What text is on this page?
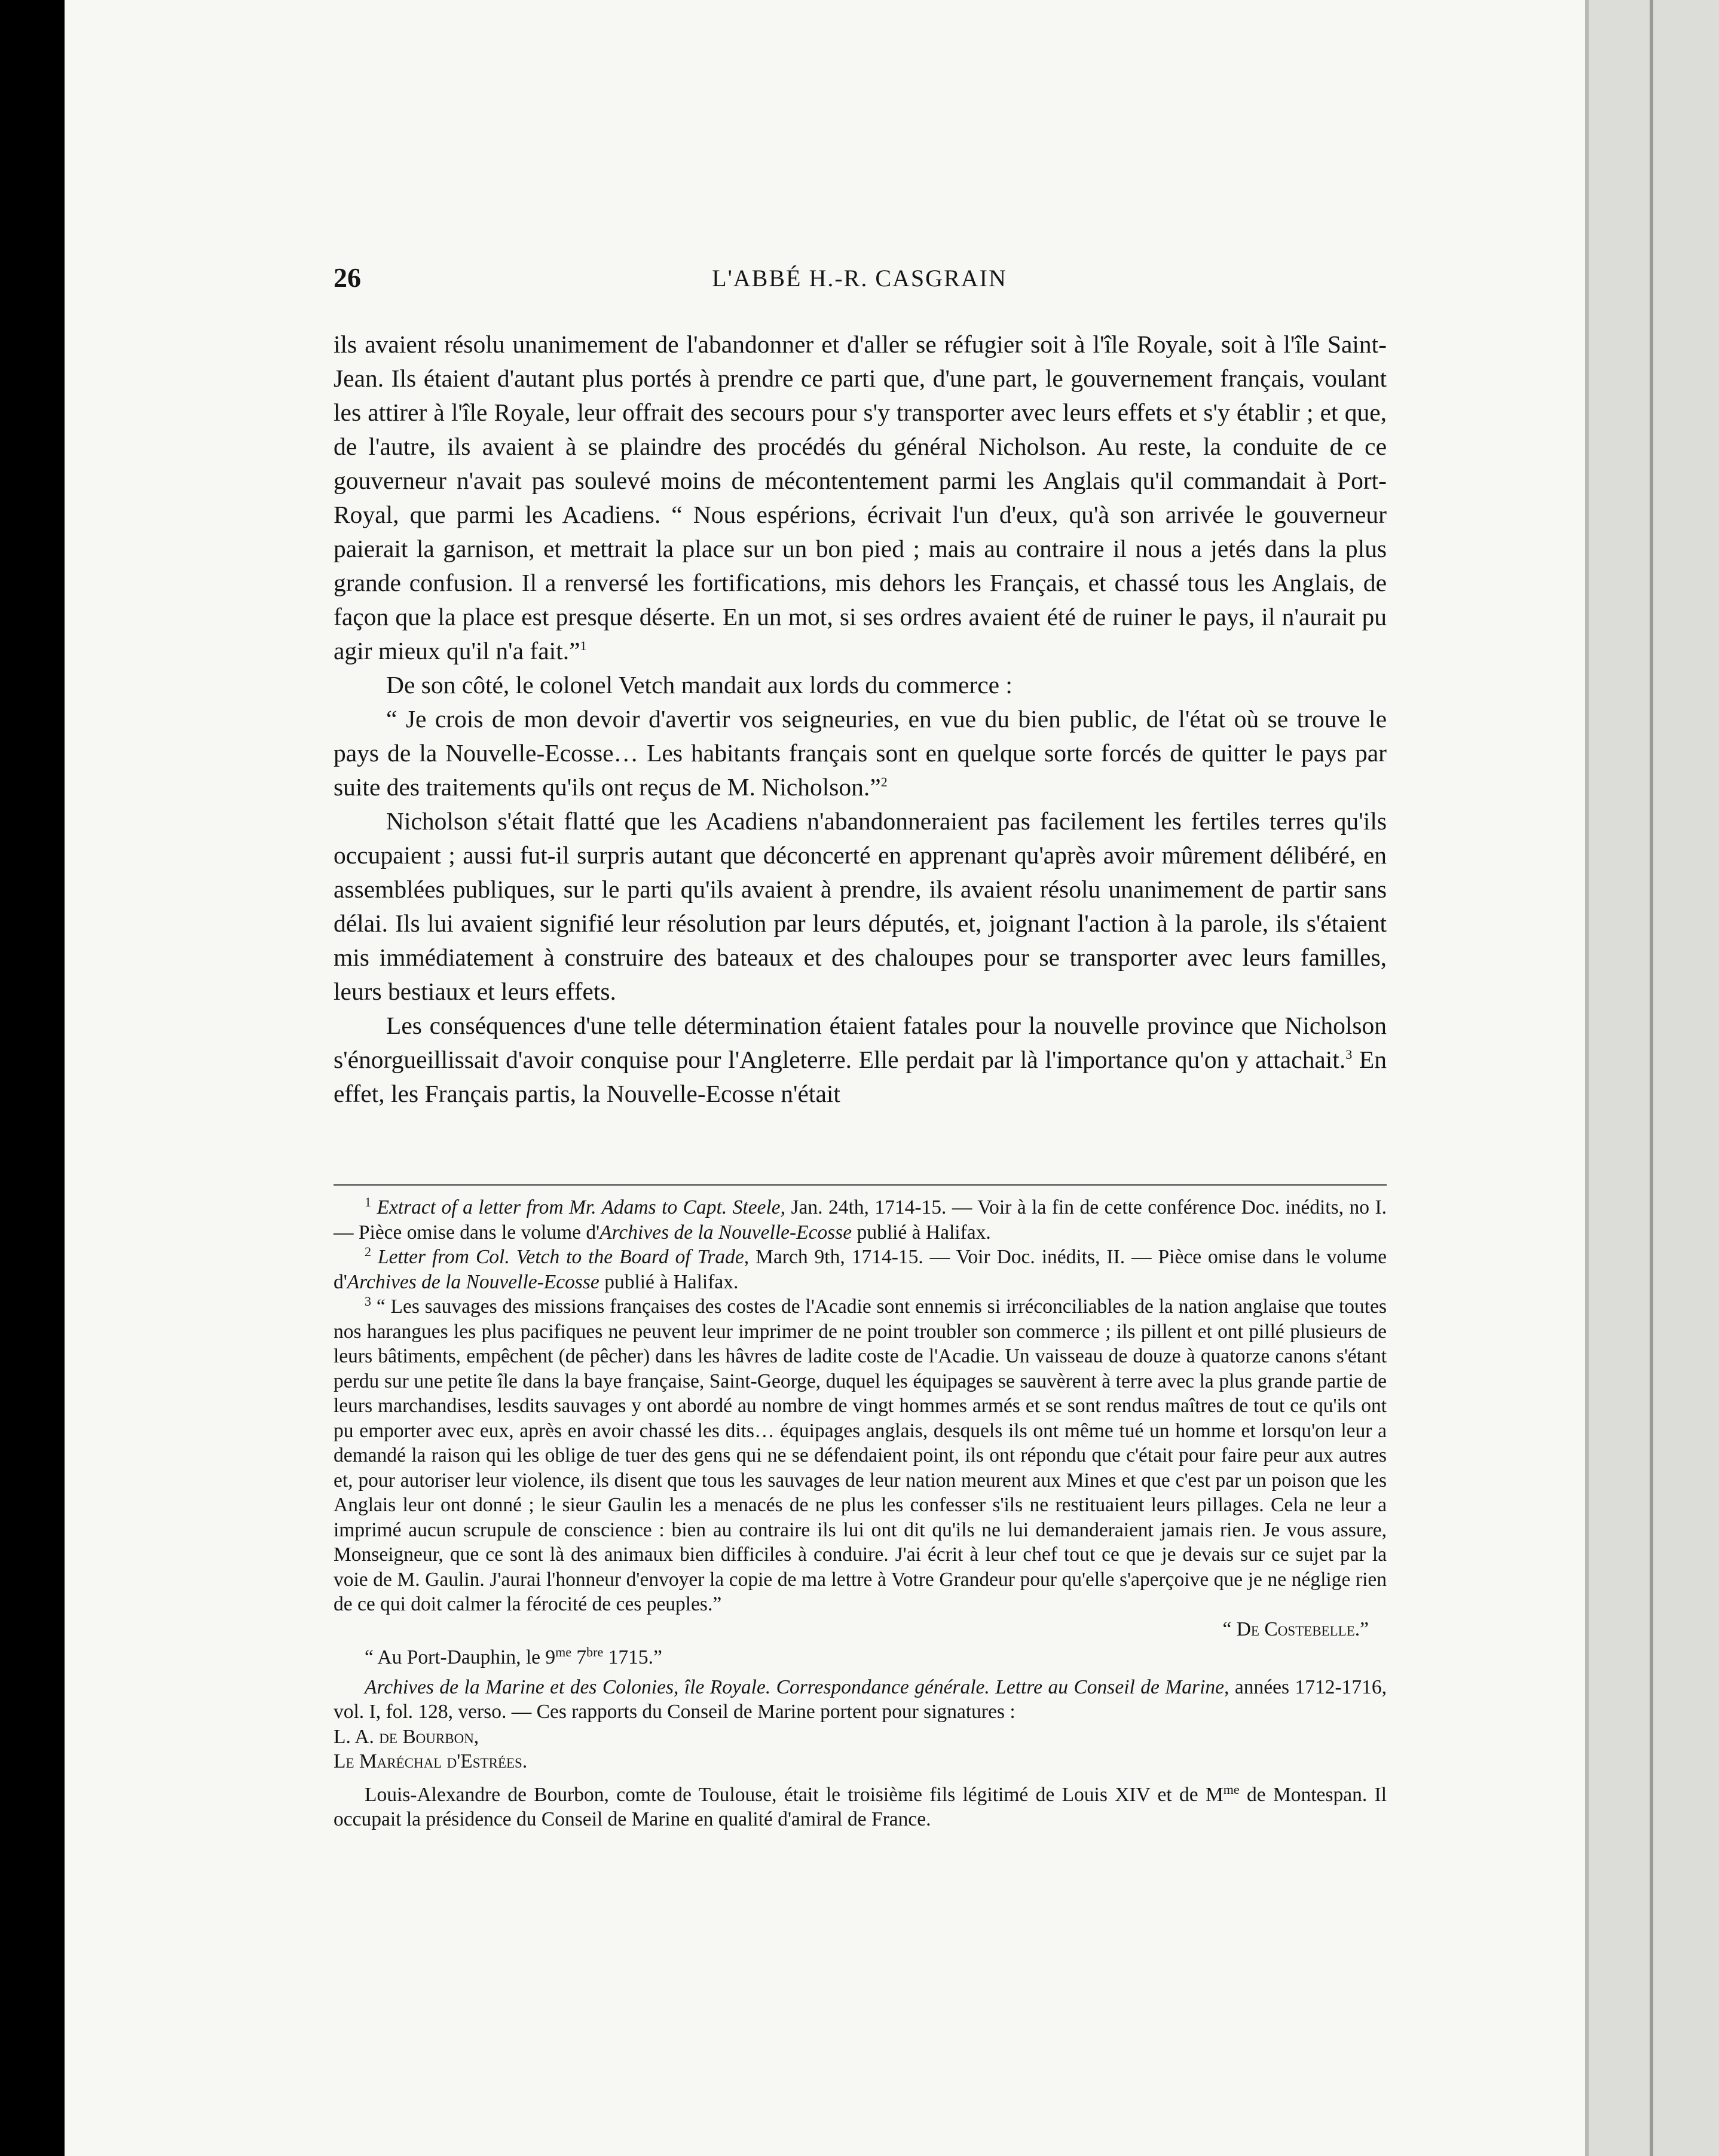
26	L'ABBÉ H.-R. CASGRAIN

ils avaient résolu unanimement de l'abandonner et d'aller se réfugier soit à l'île Royale, soit à l'île Saint-Jean. Ils étaient d'autant plus portés à prendre ce parti que, d'une part, le gouvernement français, voulant les attirer à l'île Royale, leur offrait des secours pour s'y transporter avec leurs effets et s'y établir ; et que, de l'autre, ils avaient à se plaindre des procédés du général Nicholson. Au reste, la conduite de ce gouverneur n'avait pas soulevé moins de mécontentement parmi les Anglais qu'il commandait à Port-Royal, que parmi les Acadiens. “ Nous espérions, écrivait l'un d'eux, qu'à son arrivée le gouverneur paierait la garnison, et mettrait la place sur un bon pied ; mais au contraire il nous a jetés dans la plus grande confusion. Il a renversé les fortifications, mis dehors les Français, et chassé tous les Anglais, de façon que la place est presque déserte. En un mot, si ses ordres avaient été de ruiner le pays, il n'aurait pu agir mieux qu'il n'a fait.”$^1$

De son côté, le colonel Vetch mandait aux lords du commerce :

“ Je crois de mon devoir d'avertir vos seigneuries, en vue du bien public, de l'état où se trouve le pays de la Nouvelle-Ecosse… Les habitants français sont en quelque sorte forcés de quitter le pays par suite des traitements qu'ils ont reçus de M. Nicholson.”$^2$

Nicholson s'était flatté que les Acadiens n'abandonneraient pas facilement les fertiles terres qu'ils occupaient ; aussi fut-il surpris autant que déconcerté en apprenant qu'après avoir mûrement délibéré, en assemblées publiques, sur le parti qu'ils avaient à prendre, ils avaient résolu unanimement de partir sans délai. Ils lui avaient signifié leur résolution par leurs députés, et, joignant l'action à la parole, ils s'étaient mis immédiatement à construire des bateaux et des chaloupes pour se transporter avec leurs familles, leurs bestiaux et leurs effets.

Les conséquences d'une telle détermination étaient fatales pour la nouvelle province que Nicholson s'énorgueillissait d'avoir conquise pour l'Angleterre. Elle perdait par là l'importance qu'on y attachait.$^3$ En effet, les Français partis, la Nouvelle-Ecosse n'était

$^1$ Extract of a letter from Mr. Adams to Capt. Steele, Jan. 24th, 1714-15. — Voir à la fin de cette conférence Doc. inédits, no I. — Pièce omise dans le volume d'Archives de la Nouvelle-Ecosse publié à Halifax.

$^2$ Letter from Col. Vetch to the Board of Trade, March 9th, 1714-15. — Voir Doc. inédits, II. — Pièce omise dans le volume d'Archives de la Nouvelle-Ecosse publié à Halifax.

$^3$ “ Les sauvages des missions françaises des costes de l'Acadie sont ennemis si irréconciliables de la nation anglaise que toutes nos harangues les plus pacifiques ne peuvent leur imprimer de ne point troubler son commerce ; ils pillent et ont pillé plusieurs de leurs bâtiments, empêchent (de pêcher) dans les hâvres de ladite coste de l'Acadie. Un vaisseau de douze à quatorze canons s'étant perdu sur une petite île dans la baye française, Saint-George, duquel les équipages se sauvèrent à terre avec la plus grande partie de leurs marchandises, lesdits sauvages y ont abordé au nombre de vingt hommes armés et se sont rendus maîtres de tout ce qu'ils ont pu emporter avec eux, après en avoir chassé les dits… équipages anglais, desquels ils ont même tué un homme et lorsqu'on leur a demandé la raison qui les oblige de tuer des gens qui ne se défendaient point, ils ont répondu que c'était pour faire peur aux autres et, pour autoriser leur violence, ils disent que tous les sauvages de leur nation meurent aux Mines et que c'est par un poison que les Anglais leur ont donné ; le sieur Gaulin les a menacés de ne plus les confesser s'ils ne restituaient leurs pillages. Cela ne leur a imprimé aucun scrupule de conscience : bien au contraire ils lui ont dit qu'ils ne lui demanderaient jamais rien. Je vous assure, Monseigneur, que ce sont là des animaux bien difficiles à conduire. J'ai écrit à leur chef tout ce que je devais sur ce sujet par la voie de M. Gaulin. J'aurai l'honneur d'envoyer la copie de ma lettre à Votre Grandeur pour qu'elle s'aperçoive que je ne néglige rien de ce qui doit calmer la férocité de ces peuples.”

“ De Costebelle.”

“ Au Port-Dauphin, le $9^{me}$ $7^{bre}$ 1715.”

Archives de la Marine et des Colonies, île Royale. Correspondance générale. Lettre au Conseil de Marine, années 1712-1716, vol. I, fol. 128, verso. — Ces rapports du Conseil de Marine portent pour signatures :

L. A. de Bourbon,

Le Maréchal d'Estrées.

Louis-Alexandre de Bourbon, comte de Toulouse, était le troisième fils légitimé de Louis XIV et de $M^{me}$ de Montespan. Il occupait la présidence du Conseil de Marine en qualité d'amiral de France.
